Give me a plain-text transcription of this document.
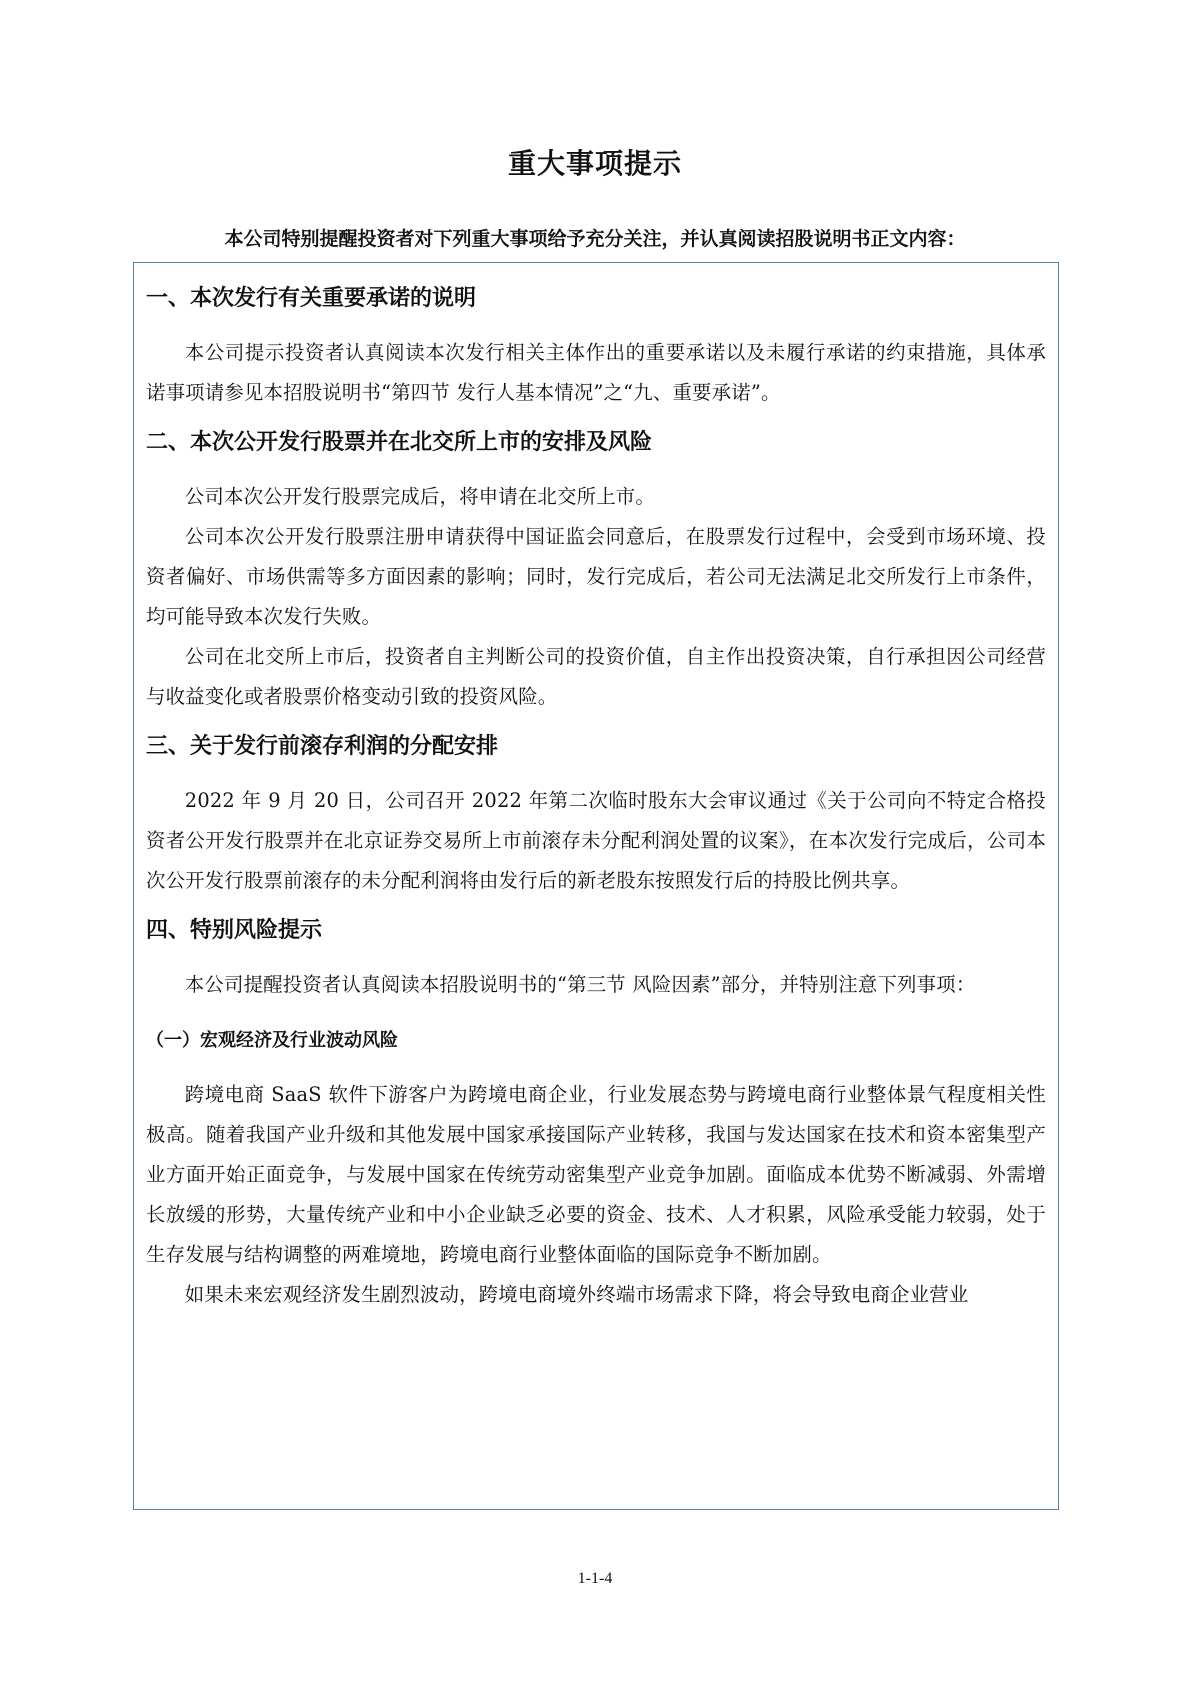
重大事项提示

本公司特别提醒投资者对下列重大事项给予充分关注，并认真阅读招股说明书正文内容：

一、本次发行有关重要承诺的说明

本公司提示投资者认真阅读本次发行相关主体作出的重要承诺以及未履行承诺的约束措施，具体承诺事项请参见本招股说明书“第四节 发行人基本情况”之“九、重要承诺”。

二、本次公开发行股票并在北交所上市的安排及风险

公司本次公开发行股票完成后，将申请在北交所上市。

公司本次公开发行股票注册申请获得中国证监会同意后，在股票发行过程中，会受到市场环境、投资者偏好、市场供需等多方面因素的影响；同时，发行完成后，若公司无法满足北交所发行上市条件，均可能导致本次发行失败。

公司在北交所上市后，投资者自主判断公司的投资价值，自主作出投资决策，自行承担因公司经营与收益变化或者股票价格变动引致的投资风险。

三、关于发行前滚存利润的分配安排

2022 年 9 月 20 日，公司召开 2022 年第二次临时股东大会审议通过《关于公司向不特定合格投资者公开发行股票并在北京证券交易所上市前滚存未分配利润处置的议案》，在本次发行完成后，公司本次公开发行股票前滚存的未分配利润将由发行后的新老股东按照发行后的持股比例共享。

四、特别风险提示

本公司提醒投资者认真阅读本招股说明书的“第三节 风险因素”部分，并特别注意下列事项：

（一）宏观经济及行业波动风险

跨境电商 SaaS 软件下游客户为跨境电商企业，行业发展态势与跨境电商行业整体景气程度相关性极高。随着我国产业升级和其他发展中国家承接国际产业转移，我国与发达国家在技术和资本密集型产业方面开始正面竞争，与发展中国家在传统劳动密集型产业竞争加剧。面临成本优势不断减弱、外需增长放缓的形势，大量传统产业和中小企业缺乏必要的资金、技术、人才积累，风险承受能力较弱，处于生存发展与结构调整的两难境地，跨境电商行业整体面临的国际竞争不断加剧。

如果未来宏观经济发生剧烈波动，跨境电商境外终端市场需求下降，将会导致电商企业营业

1-1-4
